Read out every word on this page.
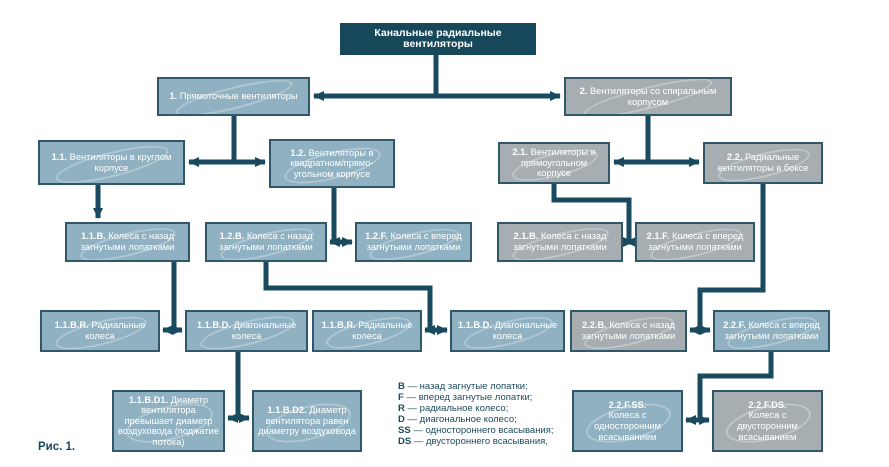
Канальные радиальные вентиляторы
1. Прямоточные вентиляторы
2. Вентиляторы со спиральным корпусом
1.1. Вентиляторы в круглом корпусе
1.2. Вентиляторы в квадратном/прямоугольном корпусе
2.1. Вентиляторы в прямоугольном корпусе
2.2. Радиальные вентиляторы в боксе
1.1.B. Колеса с назад загнутыми лопатками
1.2.B. Колеса с назад загнутыми лопатками
1.2.F. Колеса с вперед загнутыми лопатками
2.1.B. Колеса с назад загнутыми лопатками
2.1.F. Колеса с вперед загнутыми лопатками
1.1.B.R. Радиальные колеса
1.1.B.D. Диагональные колеса
1.1.B.R. Радиальные колеса
1.1.B.D. Диагональные колеса
2.2.B. Колеса с назад загнутыми лопатками
2.2.F. Колеса с вперед загнутыми лопатками
1.1.B.D1. Диаметр вентилятора превышает диаметр воздуховода (поджатие потока)
1.1.B.D2. Диаметр вентилятора равен диаметру воздуховода
2.2.F.SS.
Колеса с односторонним всасыванием
2.2.F.DS.
Колеса с двусторонним всасыванием
B — назад загнутые лопатки;
F — вперед загнутые лопатки;
R — радиальное колесо;
D — диагональное колесо;
SS — одностороннего всасывания;
DS — двустороннего всасывания,
Рис. 1.
